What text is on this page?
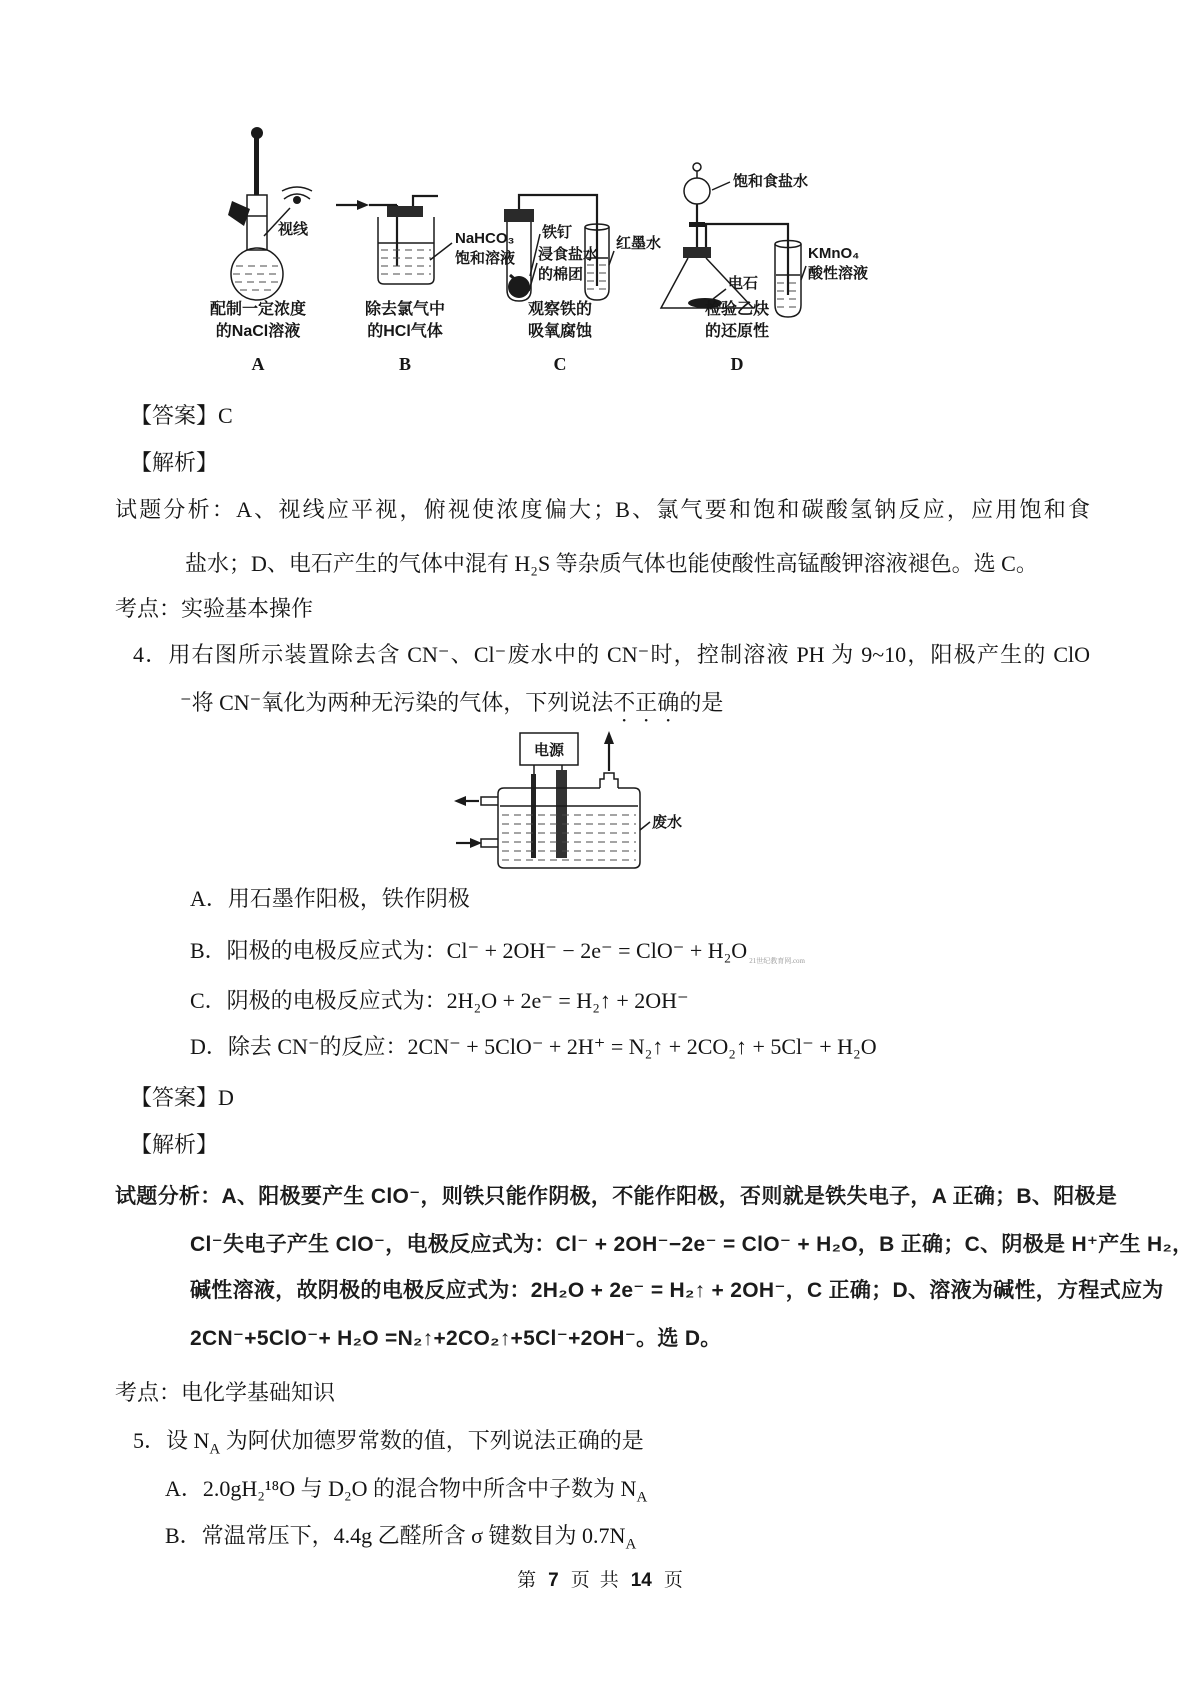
视线
配制一定浓度
的NaCl溶液
A
NaHCO₃
饱和溶液
除去氯气中
的HCl气体
B
铁钉
浸食盐水
的棉团
红墨水
观察铁的
吸氧腐蚀
C
饱和食盐水
电石
KMnO₄
酸性溶液
检验乙炔
的还原性
D
【答案】C
【解析】
试题分析：A、视线应平视，俯视使浓度偏大；B、氯气要和饱和碳酸氢钠反应，应用饱和食
盐水；D、电石产生的气体中混有 H₂S 等杂质气体也能使酸性高锰酸钾溶液褪色。选 C。
考点：实验基本操作
4．用右图所示装置除去含 CN⁻、Cl⁻废水中的 CN⁻时，控制溶液 PH 为 9~10，阳极产生的 ClO
⁻将 CN⁻氧化为两种无污染的气体，下列说法不正确的是
电源
废水
A．用石墨作阳极，铁作阴极
B．阳极的电极反应式为：Cl⁻ + 2OH⁻ − 2e⁻ = ClO⁻ + H₂O $_{21世纪教育网.com}$
C．阴极的电极反应式为：2H₂O + 2e⁻ = H₂↑ + 2OH⁻
D．除去 CN⁻的反应：2CN⁻ + 5ClO⁻ + 2H⁺ = N₂↑ + 2CO₂↑ + 5Cl⁻ + H₂O
【答案】D
【解析】
试题分析：A、阳极要产生 ClO⁻，则铁只能作阴极，不能作阳极，否则就是铁失电子，A 正确；B、阳极是
Cl⁻失电子产生 ClO⁻，电极反应式为：Cl⁻ + 2OH⁻−2e⁻ = ClO⁻ + H₂O，B 正确；C、阴极是 H⁺产生 H₂，
碱性溶液，故阴极的电极反应式为：2H₂O + 2e⁻ = H₂↑ + 2OH⁻，C 正确；D、溶液为碱性，方程式应为
2CN⁻+5ClO⁻+ H₂O =N₂↑+2CO₂↑+5Cl⁻+2OH⁻。选 D。
考点：电化学基础知识
5．设 $N_A$ 为阿伏加德罗常数的值，下列说法正确的是
A．2.0gH₂¹⁸O 与 D₂O 的混合物中所含中子数为 $N_A$
B．常温常压下，4.4g 乙醛所含 σ 键数目为 $0.7N_A$
第 7 页 共 14 页
